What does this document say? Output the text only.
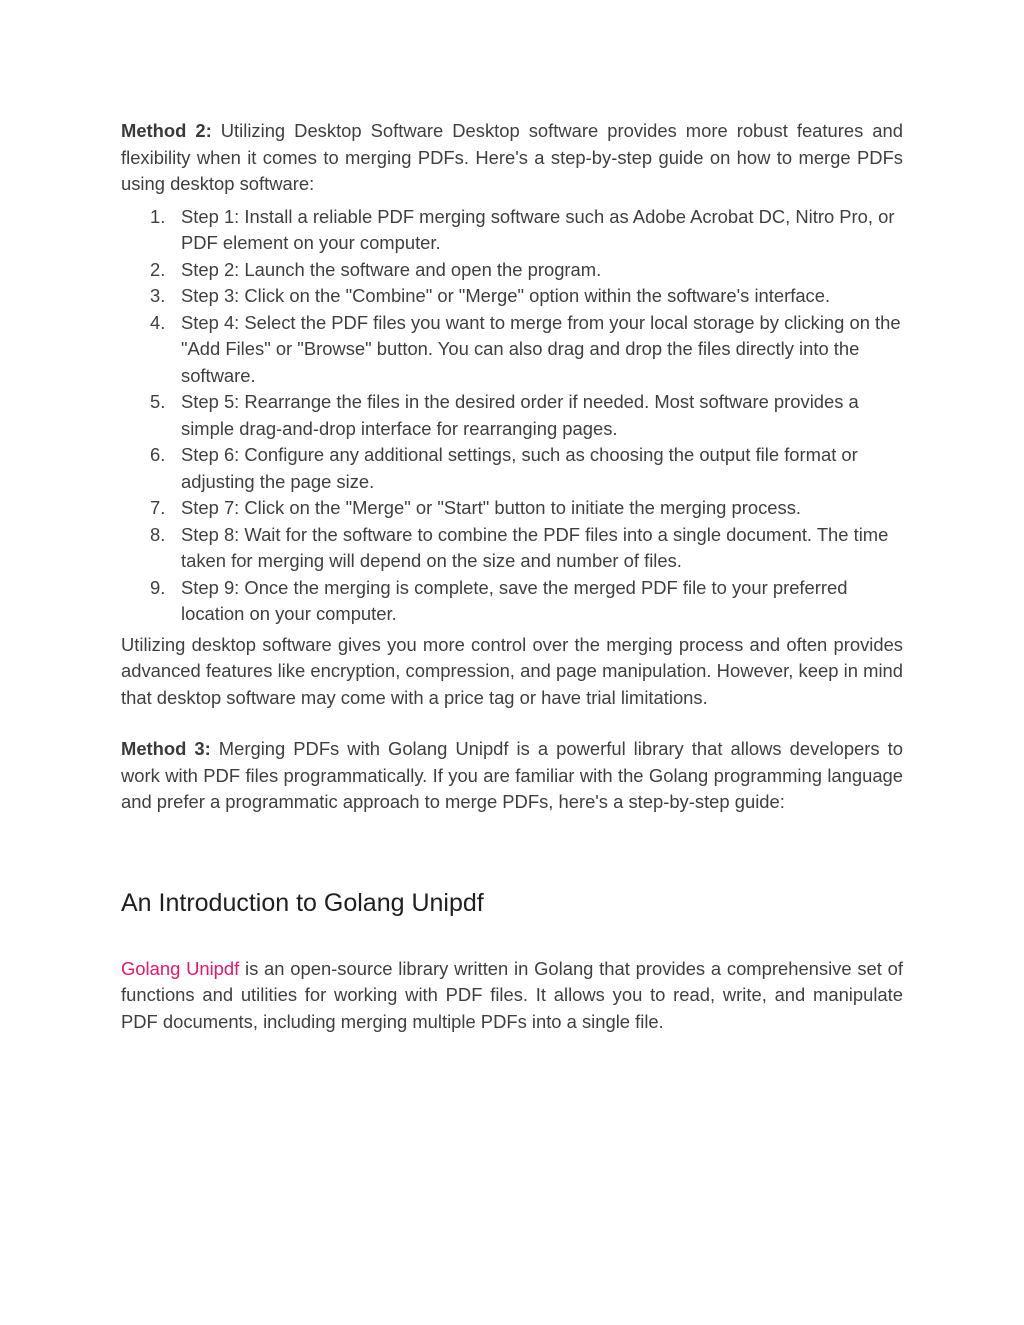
Method 2: Utilizing Desktop Software Desktop software provides more robust features and flexibility when it comes to merging PDFs. Here's a step-by-step guide on how to merge PDFs using desktop software:

1. Step 1: Install a reliable PDF merging software such as Adobe Acrobat DC, Nitro Pro, or PDF element on your computer.
2. Step 2: Launch the software and open the program.
3. Step 3: Click on the "Combine" or "Merge" option within the software's interface.
4. Step 4: Select the PDF files you want to merge from your local storage by clicking on the "Add Files" or "Browse" button. You can also drag and drop the files directly into the software.
5. Step 5: Rearrange the files in the desired order if needed. Most software provides a simple drag-and-drop interface for rearranging pages.
6. Step 6: Configure any additional settings, such as choosing the output file format or adjusting the page size.
7. Step 7: Click on the "Merge" or "Start" button to initiate the merging process.
8. Step 8: Wait for the software to combine the PDF files into a single document. The time taken for merging will depend on the size and number of files.
9. Step 9: Once the merging is complete, save the merged PDF file to your preferred location on your computer.

Utilizing desktop software gives you more control over the merging process and often provides advanced features like encryption, compression, and page manipulation. However, keep in mind that desktop software may come with a price tag or have trial limitations.

Method 3: Merging PDFs with Golang Unipdf is a powerful library that allows developers to work with PDF files programmatically. If you are familiar with the Golang programming language and prefer a programmatic approach to merge PDFs, here's a step-by-step guide:

An Introduction to Golang Unipdf

Golang Unipdf is an open-source library written in Golang that provides a comprehensive set of functions and utilities for working with PDF files. It allows you to read, write, and manipulate PDF documents, including merging multiple PDFs into a single file.
